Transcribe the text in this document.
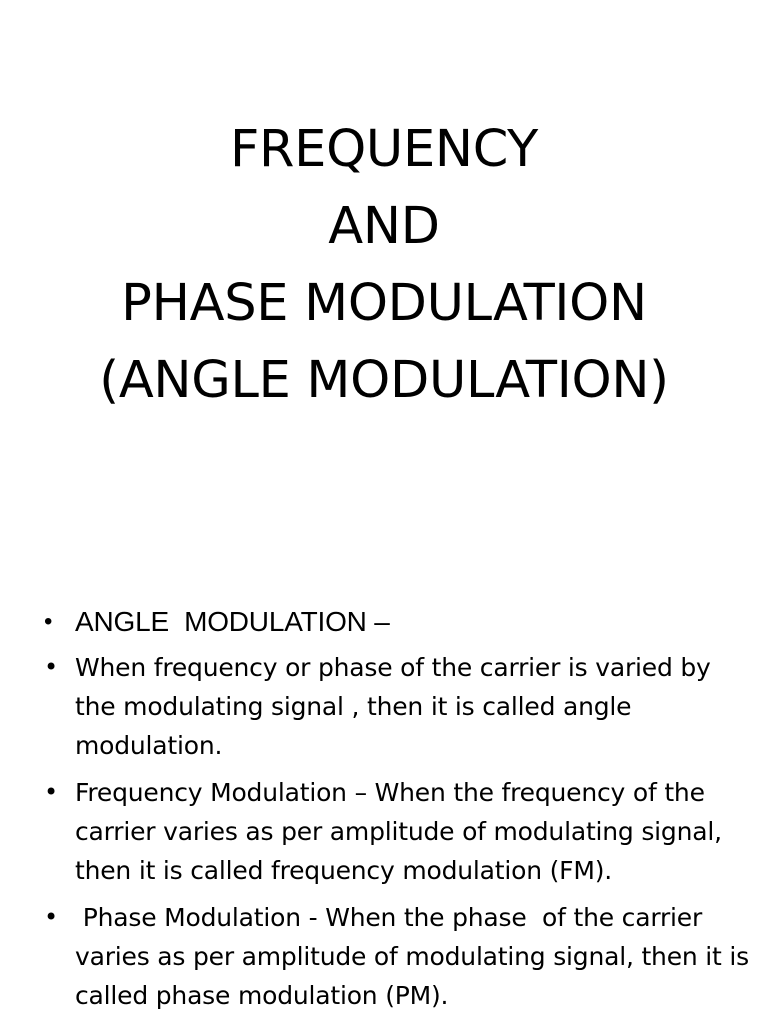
FREQUENCY
AND
PHASE MODULATION
(ANGLE MODULATION)
• ANGLE  MODULATION –
• When frequency or phase of the carrier is varied by the modulating signal , then it is called angle modulation.
• Frequency Modulation – When the frequency of the carrier varies as per amplitude of modulating signal, then it is called frequency modulation (FM).
• Phase Modulation - When the phase  of the carrier varies as per amplitude of modulating signal, then it is called phase modulation (PM).
